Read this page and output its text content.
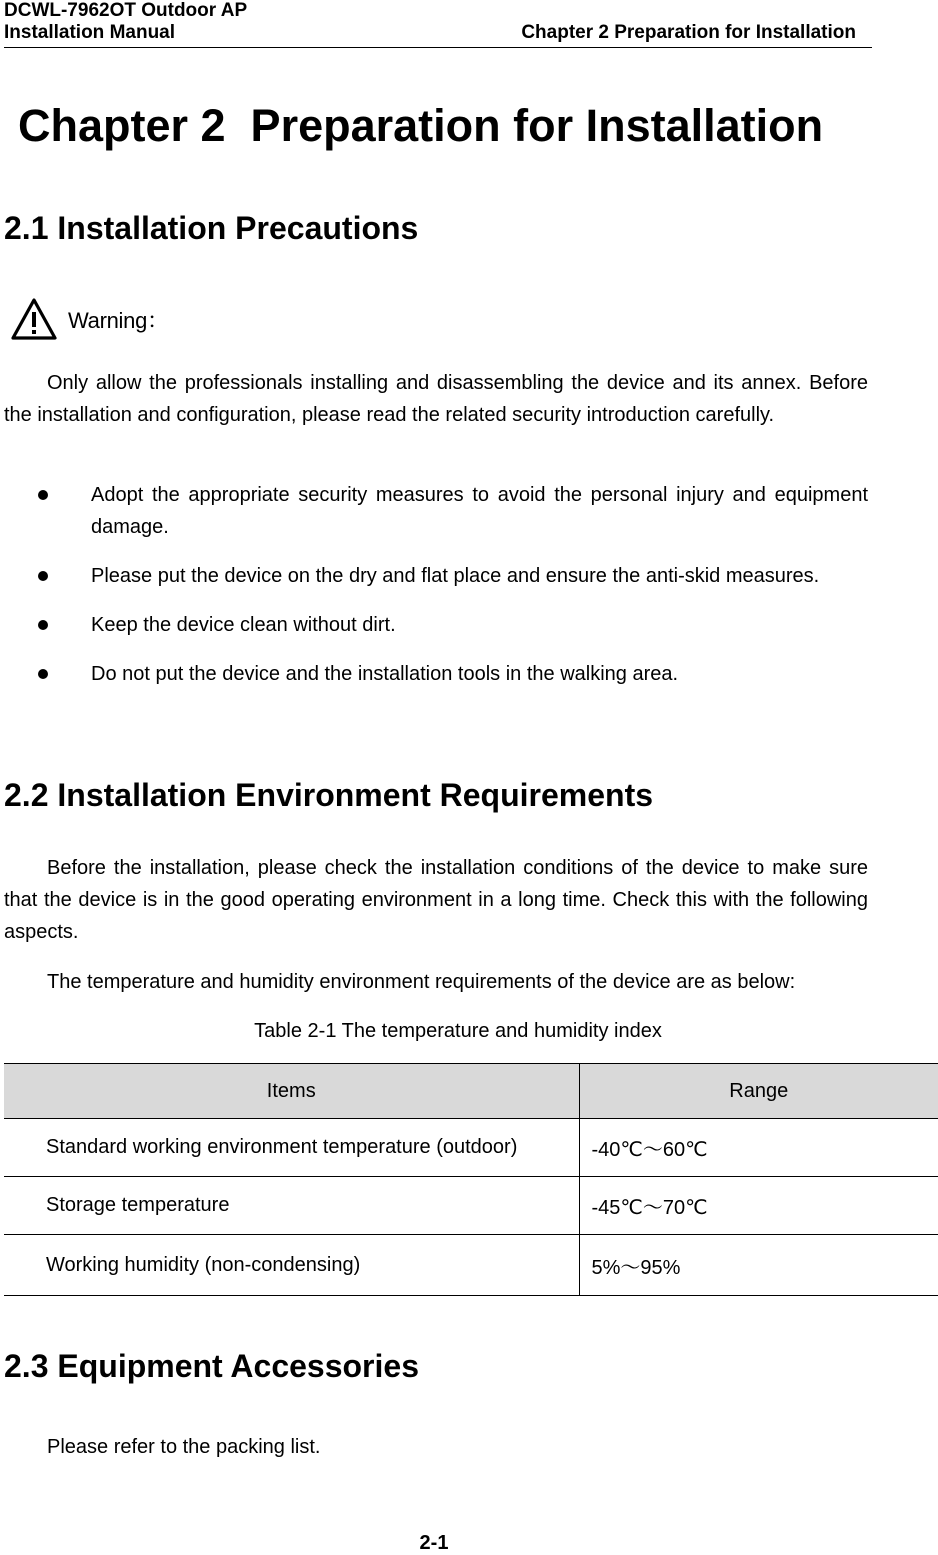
DCWL-7962OT Outdoor AP
Installation Manual	Chapter 2 Preparation for Installation
Chapter 2  Preparation for Installation
2.1 Installation Precautions
Warning：

Only allow the professionals installing and disassembling the device and its annex. Before the installation and configuration, please read the related security introduction carefully.

Adopt the appropriate security measures to avoid the personal injury and equipment damage.
Please put the device on the dry and flat place and ensure the anti-skid measures.
Keep the device clean without dirt.
Do not put the device and the installation tools in the walking area.
2.2 Installation Environment Requirements

Before the installation, please check the installation conditions of the device to make sure that the device is in the good operating environment in a long time. Check this with the following aspects.

The temperature and humidity environment requirements of the device are as below:

Table 2-1 The temperature and humidity index
Items	Range
Standard working environment temperature (outdoor)	-40℃～60℃
Storage temperature	-45℃～70℃
Working humidity (non-condensing)	5%～95%
2.3 Equipment Accessories

Please refer to the packing list.

2-1
